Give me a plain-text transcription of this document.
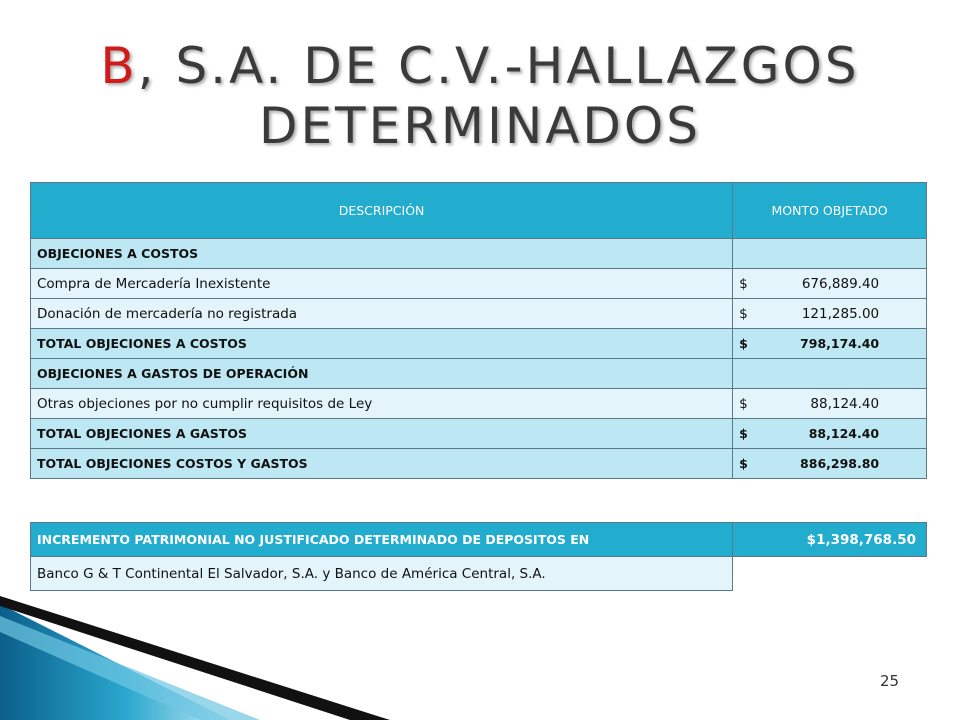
B, S.A. DE C.V.-HALLAZGOS DETERMINADOS
DESCRIPCIÓN	MONTO OBJETADO
OBJECIONES A COSTOS	
Compra de Mercadería Inexistente	$ 676,889.40
Donación de mercadería no registrada	$ 121,285.00
TOTAL OBJECIONES A COSTOS	$ 798,174.40
OBJECIONES A GASTOS DE OPERACIÓN	
Otras objeciones por no cumplir requisitos de Ley	$ 88,124.40
TOTAL OBJECIONES A GASTOS	$ 88,124.40
TOTAL OBJECIONES COSTOS Y GASTOS	$ 886,298.80
INCREMENTO PATRIMONIAL NO JUSTIFICADO DETERMINADO DE DEPOSITOS EN	$1,398,768.50
Banco G & T Continental El Salvador, S.A. y Banco de América Central, S.A.	
25
